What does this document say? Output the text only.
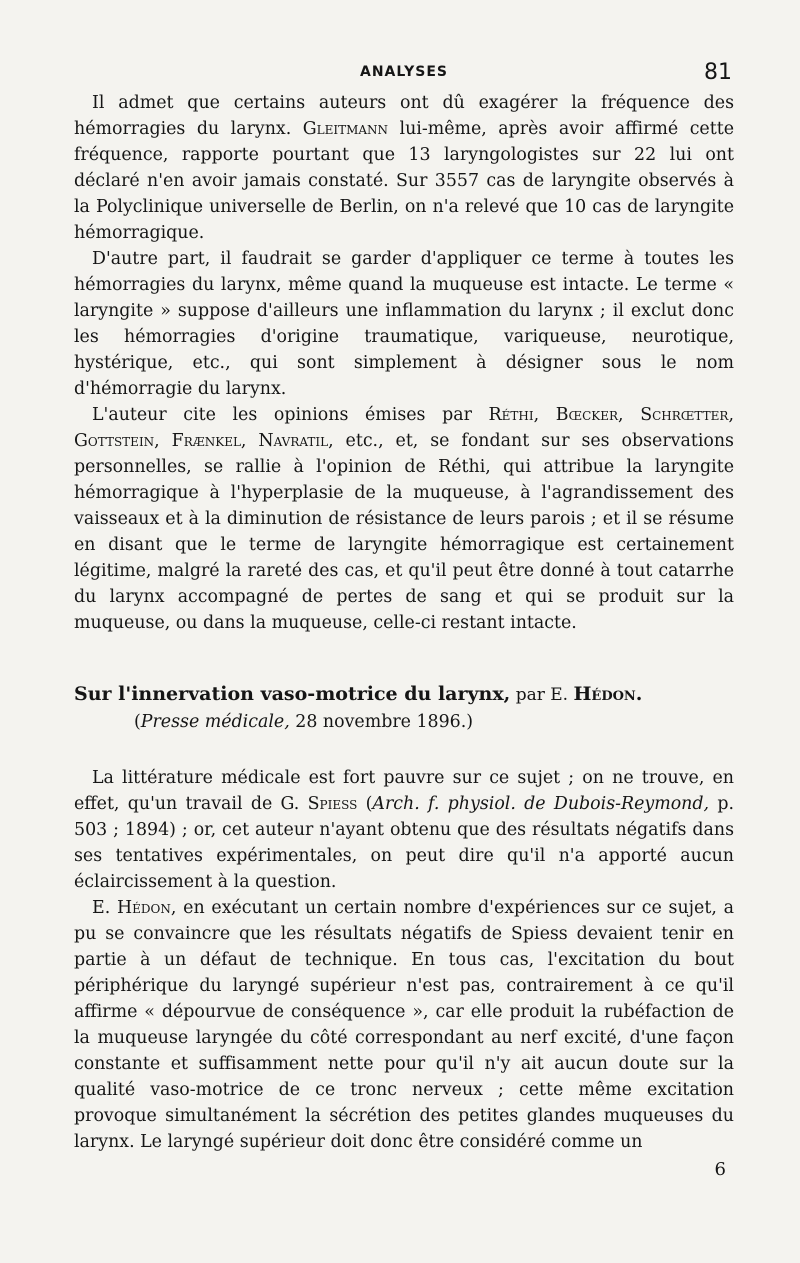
ANALYSES	81

Il admet que certains auteurs ont dû exagérer la fréquence des hémorragies du larynx. Gleitmann lui-même, après avoir affirmé cette fréquence, rapporte pourtant que 13 laryngologistes sur 22 lui ont déclaré n'en avoir jamais constaté. Sur 3557 cas de laryngite observés à la Polyclinique universelle de Berlin, on n'a relevé que 10 cas de laryngite hémorragique.

D'autre part, il faudrait se garder d'appliquer ce terme à toutes les hémorragies du larynx, même quand la muqueuse est intacte. Le terme « laryngite » suppose d'ailleurs une inflammation du larynx ; il exclut donc les hémorragies d'origine traumatique, variqueuse, neurotique, hystérique, etc., qui sont simplement à désigner sous le nom d'hémorragie du larynx.

L'auteur cite les opinions émises par Réthi, Bœcker, Schrœtter, Gottstein, Frænkel, Navratil, etc., et, se fondant sur ses observations personnelles, se rallie à l'opinion de Réthi, qui attribue la laryngite hémorragique à l'hyperplasie de la muqueuse, à l'agrandissement des vaisseaux et à la diminution de résistance de leurs parois ; et il se résume en disant que le terme de laryngite hémorragique est certainement légitime, malgré la rareté des cas, et qu'il peut être donné à tout catarrhe du larynx accompagné de pertes de sang et qui se produit sur la muqueuse, ou dans la muqueuse, celle-ci restant intacte.

Sur l'innervation vaso-motrice du larynx, par E. Hédon.

(Presse médicale, 28 novembre 1896.)

La littérature médicale est fort pauvre sur ce sujet ; on ne trouve, en effet, qu'un travail de G. Spiess (Arch. f. physiol. de Dubois-Reymond, p. 503 ; 1894) ; or, cet auteur n'ayant obtenu que des résultats négatifs dans ses tentatives expérimentales, on peut dire qu'il n'a apporté aucun éclaircissement à la question.

E. Hédon, en exécutant un certain nombre d'expériences sur ce sujet, a pu se convaincre que les résultats négatifs de Spiess devaient tenir en partie à un défaut de technique. En tous cas, l'excitation du bout périphérique du laryngé supérieur n'est pas, contrairement à ce qu'il affirme « dépourvue de conséquence », car elle produit la rubéfaction de la muqueuse laryngée du côté correspondant au nerf excité, d'une façon constante et suffisamment nette pour qu'il n'y ait aucun doute sur la qualité vaso-motrice de ce tronc nerveux ; cette même excitation provoque simultanément la sécrétion des petites glandes muqueuses du larynx. Le laryngé supérieur doit donc être considéré comme un

6
